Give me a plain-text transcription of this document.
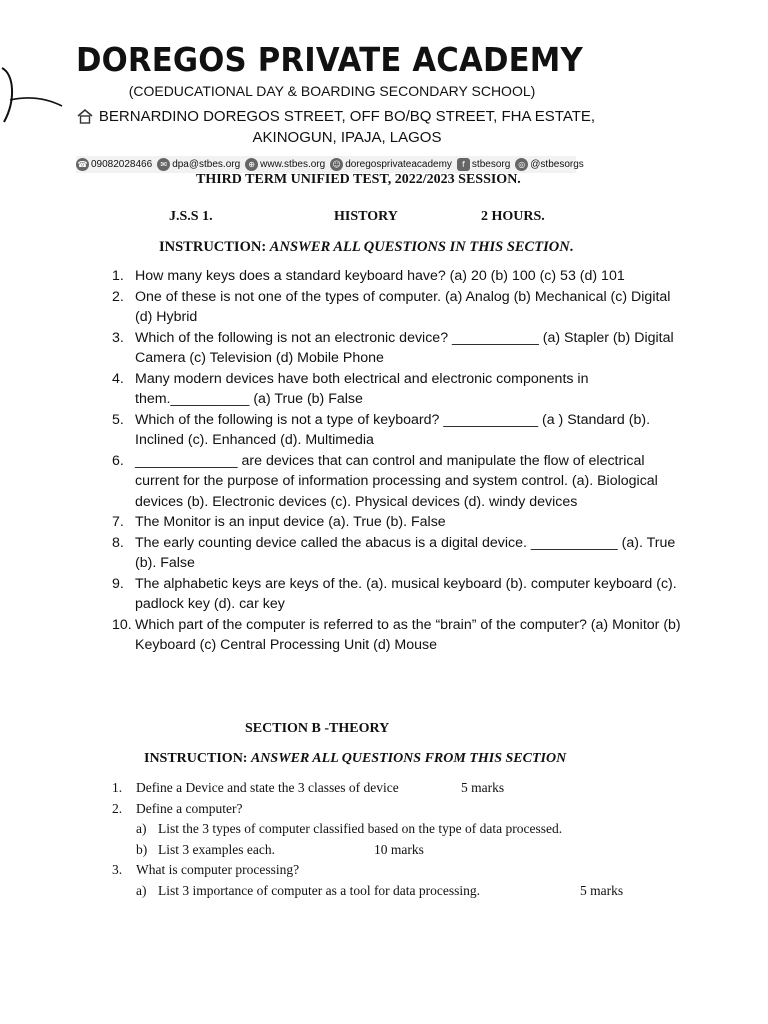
DOREGOS PRIVATE ACADEMY
(COEDUCATIONAL DAY & BOARDING SECONDARY SCHOOL)
BERNARDINO DOREGOS STREET, OFF BO/BQ STREET, FHA ESTATE, AKINOGUN, IPAJA, LAGOS
☎ 09082028466	✉ dpa@stbes.org	⊕ www.stbes.org ☺ doregosprivateacademy	f stbesorg	◎ @stbesorgs
THIRD TERM UNIFIED TEST, 2022/2023 SESSION.
J.S.S 1.	HISTORY	2 HOURS.
INSTRUCTION: ANSWER ALL QUESTIONS IN THIS SECTION.
1. How many keys does a standard keyboard have? (a) 20 (b) 100 (c) 53 (d) 101
2. One of these is not one of the types of computer. (a) Analog (b) Mechanical (c) Digital (d) Hybrid
3. Which of the following is not an electronic device? ___________ (a) Stapler (b) Digital Camera (c) Television (d) Mobile Phone
4. Many modern devices have both electrical and electronic components in them.__________ (a) True (b) False
5. Which of the following is not a type of keyboard? ____________ (a ) Standard (b). Inclined (c). Enhanced (d). Multimedia
6. _____________ are devices that can control and manipulate the flow of electrical current for the purpose of information processing and system control. (a). Biological devices (b). Electronic devices (c). Physical devices (d). windy devices
7. The Monitor is an input device (a). True (b). False
8. The early counting device called the abacus is a digital device. ___________ (a). True (b). False
9. The alphabetic keys are keys of the. (a). musical keyboard (b). computer keyboard (c). padlock key (d). car key
10. Which part of the computer is referred to as the “brain” of the computer? (a) Monitor (b) Keyboard (c) Central Processing Unit (d) Mouse
SECTION B -THEORY
INSTRUCTION: ANSWER ALL QUESTIONS FROM THIS SECTION
1.	Define a Device and state the 3 classes of device	5 marks
2.	Define a computer?
a) List the 3 types of computer classified based on the type of data processed.
b) List 3 examples each.	10 marks
3.	What is computer processing?
a) List 3 importance of computer as a tool for data processing.	5 marks
